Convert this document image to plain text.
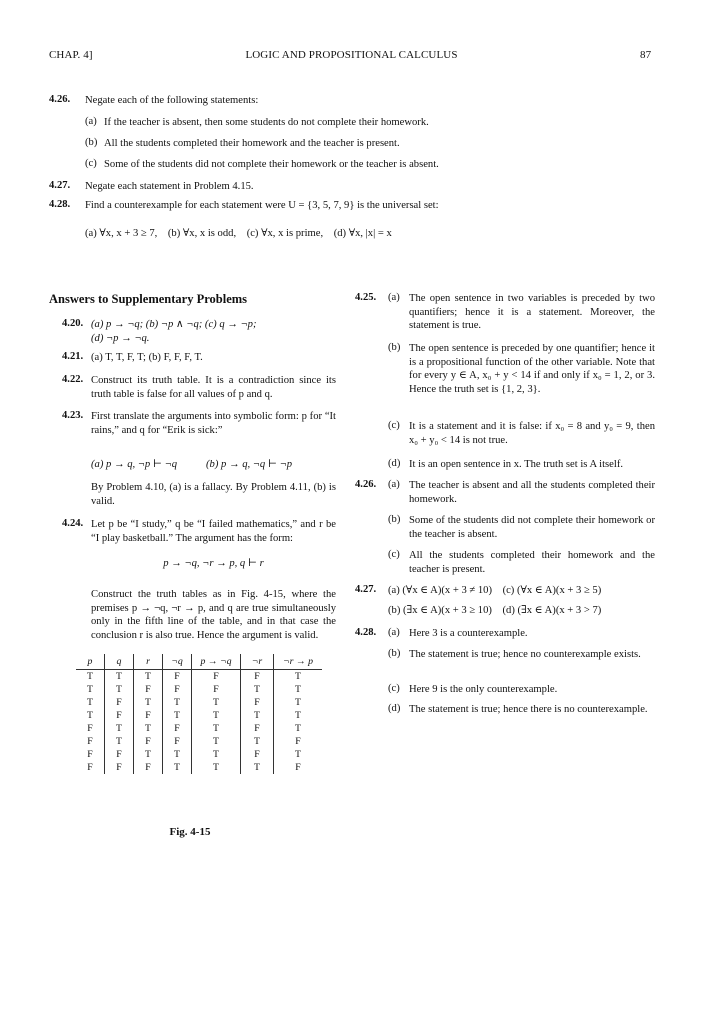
CHAP. 4]	LOGIC AND PROPOSITIONAL CALCULUS	87
4.26. Negate each of the following statements:
(a) If the teacher is absent, then some students do not complete their homework.
(b) All the students completed their homework and the teacher is present.
(c) Some of the students did not complete their homework or the teacher is absent.
4.27. Negate each statement in Problem 4.15.
4.28. Find a counterexample for each statement were U = {3, 5, 7, 9} is the universal set:
(a) ∀x, x + 3 ≥ 7,    (b) ∀x, x is odd,    (c) ∀x, x is prime,    (d) ∀x, |x| = x
Answers to Supplementary Problems
4.20. (a) p → ¬q; (b) ¬p ∧ ¬q; (c) q → ¬p;
(d) ¬p → ¬q.
4.21. (a) T, T, F, T; (b) F, F, F, T.
4.22. Construct its truth table. It is a contradiction since its truth table is false for all values of p and q.
4.23. First translate the arguments into symbolic form: p for “It rains,” and q for “Erik is sick:”
(a) p → q, ¬p ⊢ ¬q	(b) p → q, ¬q ⊢ ¬p
By Problem 4.10, (a) is a fallacy. By Problem 4.11, (b) is valid.
4.24. Let p be “I study,” q be “I failed mathematics,” and r be “I play basketball.” The argument has the form:
p → ¬q, ¬r → p, q ⊢ r
Construct the truth tables as in Fig. 4-15, where the premises p → ¬q, ¬r → p, and q are true simultaneously only in the fifth line of the table, and in that case the conclusion r is also true. Hence the argument is valid.
p	q	r	¬q	p → ¬q	¬r	¬r → p
T	T	T	F	F	F	T
T	T	F	F	F	T	T
T	F	T	T	T	F	T
T	F	F	T	T	T	T
F	T	T	F	T	F	T
F	T	F	F	T	T	F
F	F	T	T	T	F	T
F	F	F	T	T	T	F
Fig. 4-15
4.25. (a) The open sentence in two variables is preceded by two quantifiers; hence it is a statement. Moreover, the statement is true.
(b) The open sentence is preceded by one quantifier; hence it is a propositional function of the other variable. Note that for every y ∈ A, x₀ + y < 14 if and only if x₀ = 1, 2, or 3. Hence the truth set is {1, 2, 3}.
(c) It is a statement and it is false: if x₀ = 8 and y₀ = 9, then x₀ + y₀ < 14 is not true.
(d) It is an open sentence in x. The truth set is A itself.
4.26. (a) The teacher is absent and all the students completed their homework.
(b) Some of the students did not complete their homework or the teacher is absent.
(c) All the students completed their homework and the teacher is present.
4.27. (a) (∀x ∈ A)(x + 3 ≠ 10)    (c) (∀x ∈ A)(x + 3 ≥ 5)
(b) (∃x ∈ A)(x + 3 ≥ 10)    (d) (∃x ∈ A)(x + 3 > 7)
4.28. (a) Here 3 is a counterexample.
(b) The statement is true; hence no counterexample exists.
(c) Here 9 is the only counterexample.
(d) The statement is true; hence there is no counterexample.
